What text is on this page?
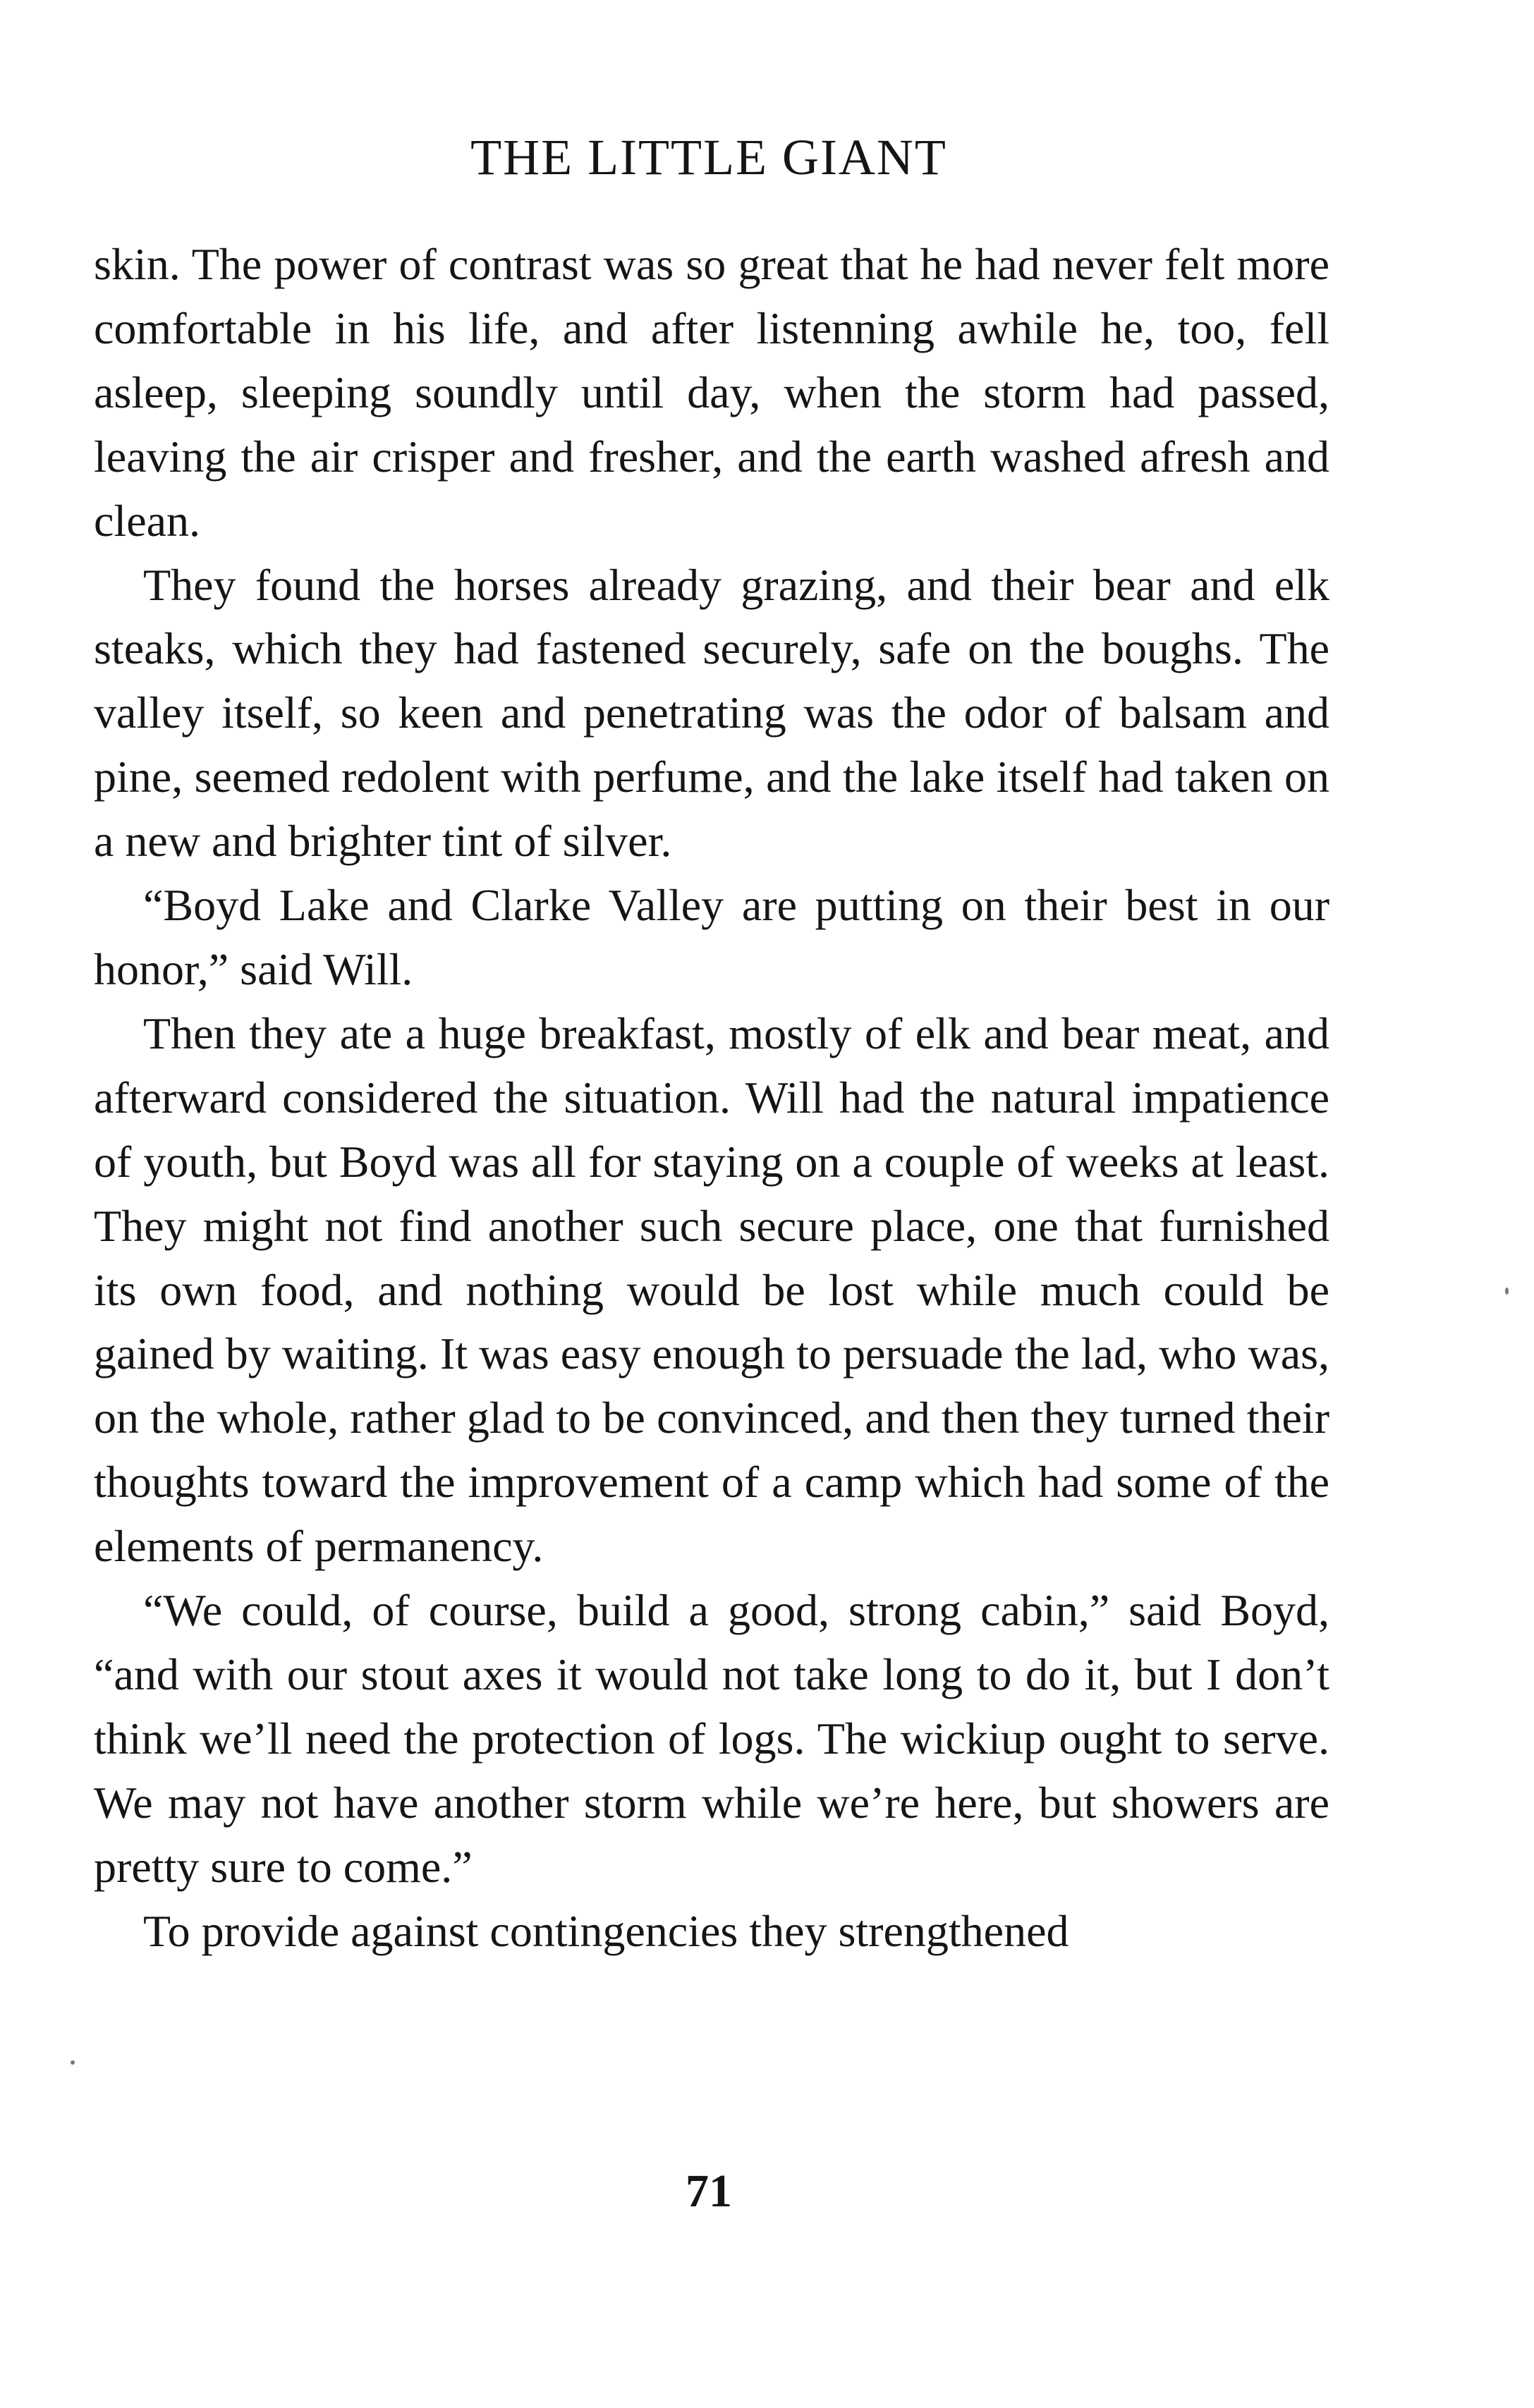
THE LITTLE GIANT

skin. The power of contrast was so great that he had never felt more comfortable in his life, and after listenning awhile he, too, fell asleep, sleeping soundly until day, when the storm had passed, leaving the air crisper and fresher, and the earth washed afresh and clean.

They found the horses already grazing, and their bear and elk steaks, which they had fastened securely, safe on the boughs. The valley itself, so keen and penetrating was the odor of balsam and pine, seemed redolent with perfume, and the lake itself had taken on a new and brighter tint of silver.

“Boyd Lake and Clarke Valley are putting on their best in our honor,” said Will.

Then they ate a huge breakfast, mostly of elk and bear meat, and afterward considered the situation. Will had the natural impatience of youth, but Boyd was all for staying on a couple of weeks at least. They might not find another such secure place, one that furnished its own food, and nothing would be lost while much could be gained by waiting. It was easy enough to persuade the lad, who was, on the whole, rather glad to be convinced, and then they turned their thoughts toward the improvement of a camp which had some of the elements of permanency.

“We could, of course, build a good, strong cabin,” said Boyd, “and with our stout axes it would not take long to do it, but I don’t think we’ll need the protection of logs. The wickiup ought to serve. We may not have another storm while we’re here, but showers are pretty sure to come.”

To provide against contingencies they strengthened

71
